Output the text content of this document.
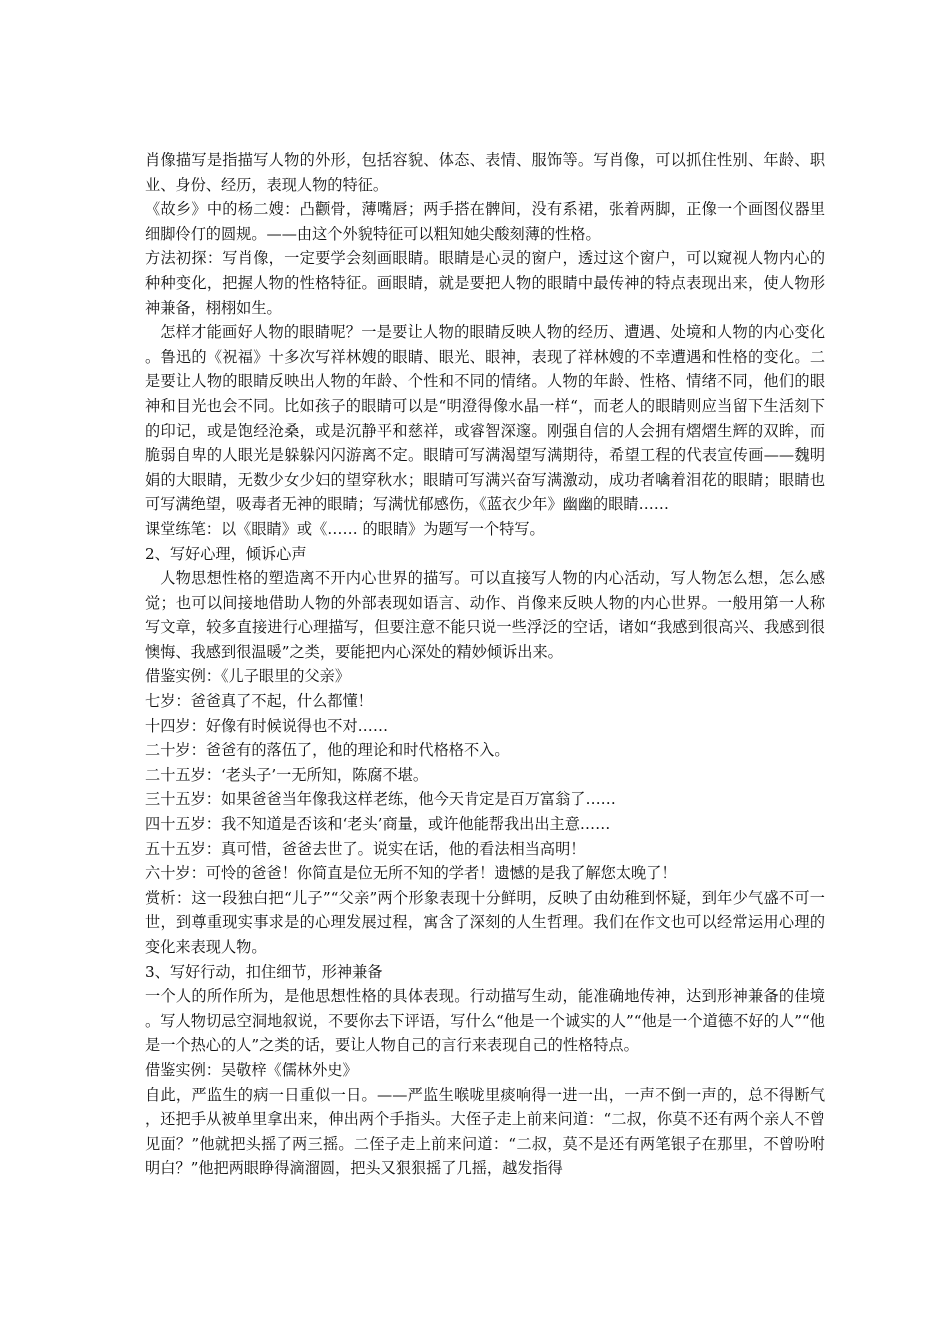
肖像描写是指描写人物的外形，包括容貌、体态、表情、服饰等。写肖像，可以抓住性别、年龄、职业、身份、经历，表现人物的特征。

《故乡》中的杨二嫂：凸颧骨，薄嘴唇；两手搭在髀间，没有系裙，张着两脚，正像一个画图仪器里细脚伶仃的圆规。——由这个外貌特征可以粗知她尖酸刻薄的性格。

方法初探：写肖像，一定要学会刻画眼睛。眼睛是心灵的窗户，透过这个窗户，可以窥视人物内心的种种变化，把握人物的性格特征。画眼睛，就是要把人物的眼睛中最传神的特点表现出来，使人物形神兼备，栩栩如生。

怎样才能画好人物的眼睛呢？一是要让人物的眼睛反映人物的经历、遭遇、处境和人物的内心变化。鲁迅的《祝福》十多次写祥林嫂的眼睛、眼光、眼神，表现了祥林嫂的不幸遭遇和性格的变化。二是要让人物的眼睛反映出人物的年龄、个性和不同的情绪。人物的年龄、性格、情绪不同，他们的眼神和目光也会不同。比如孩子的眼睛可以是“明澄得像水晶一样“，而老人的眼睛则应当留下生活刻下的印记，或是饱经沧桑，或是沉静平和慈祥，或睿智深邃。刚强自信的人会拥有熠熠生辉的双眸，而脆弱自卑的人眼光是躲躲闪闪游离不定。眼睛可写满渴望写满期待，希望工程的代表宣传画——魏明娟的大眼睛，无数少女少妇的望穿秋水；眼睛可写满兴奋写满激动，成功者噙着泪花的眼睛；眼睛也可写满绝望，吸毒者无神的眼睛；写满忧郁感伤，《蓝衣少年》幽幽的眼睛……

课堂练笔：以《眼睛》或《…… 的眼睛》为题写一个特写。

2、写好心理，倾诉心声

人物思想性格的塑造离不开内心世界的描写。可以直接写人物的内心活动，写人物怎么想，怎么感觉；也可以间接地借助人物的外部表现如语言、动作、肖像来反映人物的内心世界。一般用第一人称写文章，较多直接进行心理描写，但要注意不能只说一些浮泛的空话，诸如“我感到很高兴、我感到很懊悔、我感到很温暖”之类，要能把内心深处的精妙倾诉出来。

借鉴实例：《儿子眼里的父亲》

七岁：爸爸真了不起，什么都懂！

十四岁：好像有时候说得也不对……

二十岁：爸爸有的落伍了，他的理论和时代格格不入。

二十五岁：‘老头子’一无所知，陈腐不堪。

三十五岁：如果爸爸当年像我这样老练，他今天肯定是百万富翁了……

四十五岁：我不知道是否该和‘老头’商量，或许他能帮我出出主意……

五十五岁：真可惜，爸爸去世了。说实在话，他的看法相当高明！

六十岁：可怜的爸爸！你简直是位无所不知的学者！遗憾的是我了解您太晚了！

赏析：这一段独白把“儿子”“父亲”两个形象表现十分鲜明，反映了由幼稚到怀疑，到年少气盛不可一世，到尊重现实事求是的心理发展过程，寓含了深刻的人生哲理。我们在作文也可以经常运用心理的变化来表现人物。

3、写好行动，扣住细节，形神兼备

一个人的所作所为，是他思想性格的具体表现。行动描写生动，能准确地传神，达到形神兼备的佳境。写人物切忌空洞地叙说，不要你去下评语，写什么“他是一个诚实的人”“他是一个道德不好的人”“他是一个热心的人”之类的话，要让人物自己的言行来表现自己的性格特点。

借鉴实例：吴敬梓《儒林外史》

自此，严监生的病一日重似一日。——严监生喉咙里痰响得一进一出，一声不倒一声的，总不得断气，还把手从被单里拿出来，伸出两个手指头。大侄子走上前来问道：“二叔，你莫不还有两个亲人不曾见面？”他就把头摇了两三摇。二侄子走上前来问道：“二叔，莫不是还有两笔银子在那里，不曾吩咐明白？”他把两眼睁得滴溜圆，把头又狠狠摇了几摇，越发指得
